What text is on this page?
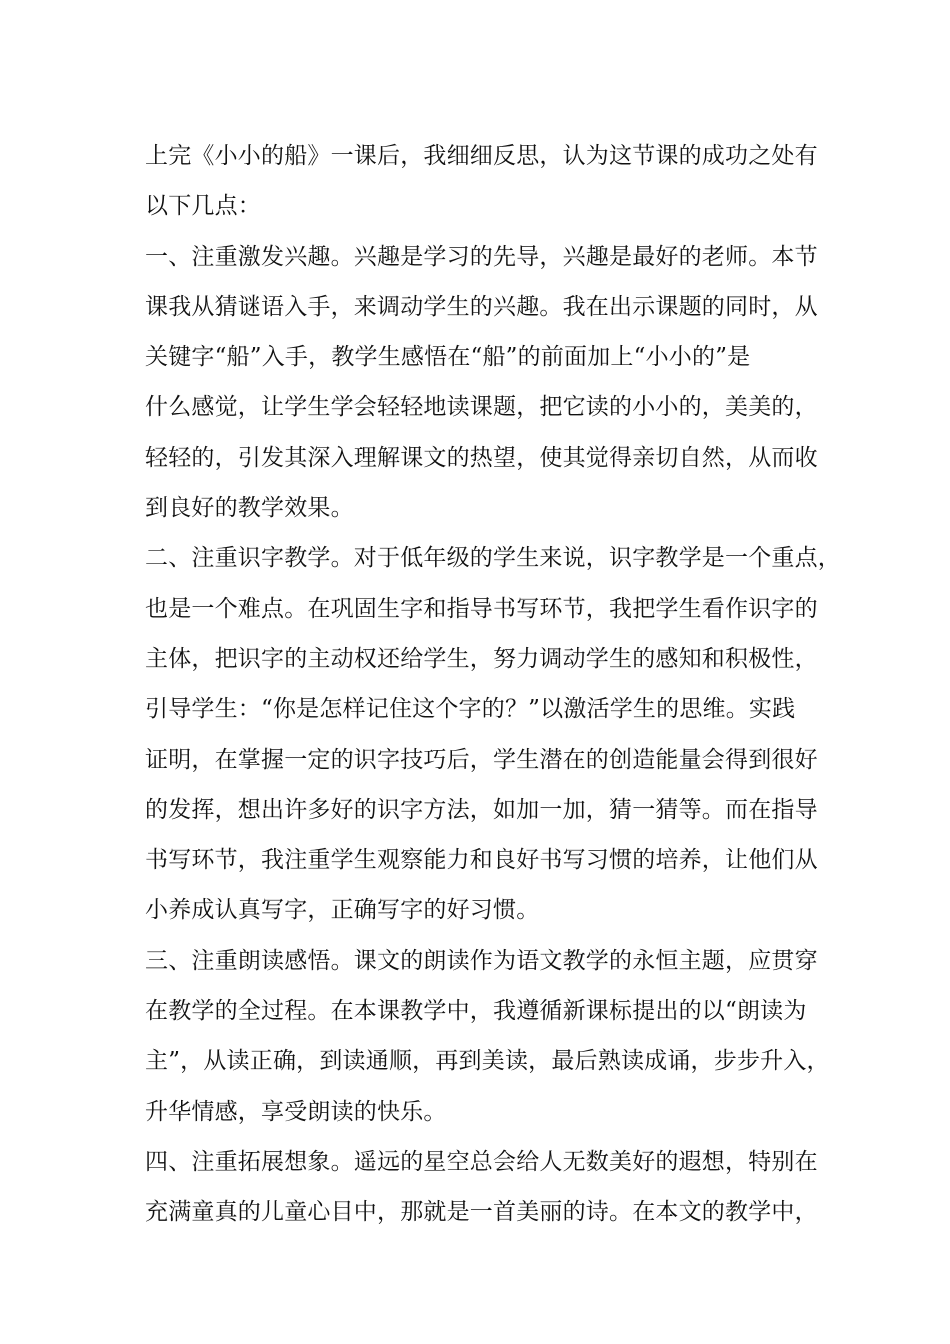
上完《小小的船》一课后，我细细反思，认为这节课的成功之处有
以下几点：
一、注重激发兴趣。兴趣是学习的先导，兴趣是最好的老师。本节
课我从猜谜语入手，来调动学生的兴趣。我在出示课题的同时，从
关键字“船”入手，教学生感悟在“船”的前面加上“小小的”是
什么感觉，让学生学会轻轻地读课题，把它读的小小的，美美的，
轻轻的，引发其深入理解课文的热望，使其觉得亲切自然，从而收
到良好的教学效果。
二、注重识字教学。对于低年级的学生来说，识字教学是一个重点，
也是一个难点。在巩固生字和指导书写环节，我把学生看作识字的
主体，把识字的主动权还给学生，努力调动学生的感知和积极性，
引导学生：“你是怎样记住这个字的？”以激活学生的思维。实践
证明，在掌握一定的识字技巧后，学生潜在的创造能量会得到很好
的发挥，想出许多好的识字方法，如加一加，猜一猜等。而在指导
书写环节，我注重学生观察能力和良好书写习惯的培养，让他们从
小养成认真写字，正确写字的好习惯。
三、注重朗读感悟。课文的朗读作为语文教学的永恒主题，应贯穿
在教学的全过程。在本课教学中，我遵循新课标提出的以“朗读为
主”，从读正确，到读通顺，再到美读，最后熟读成诵，步步升入，
升华情感，享受朗读的快乐。
四、注重拓展想象。遥远的星空总会给人无数美好的遐想，特别在
充满童真的儿童心目中，那就是一首美丽的诗。在本文的教学中，
